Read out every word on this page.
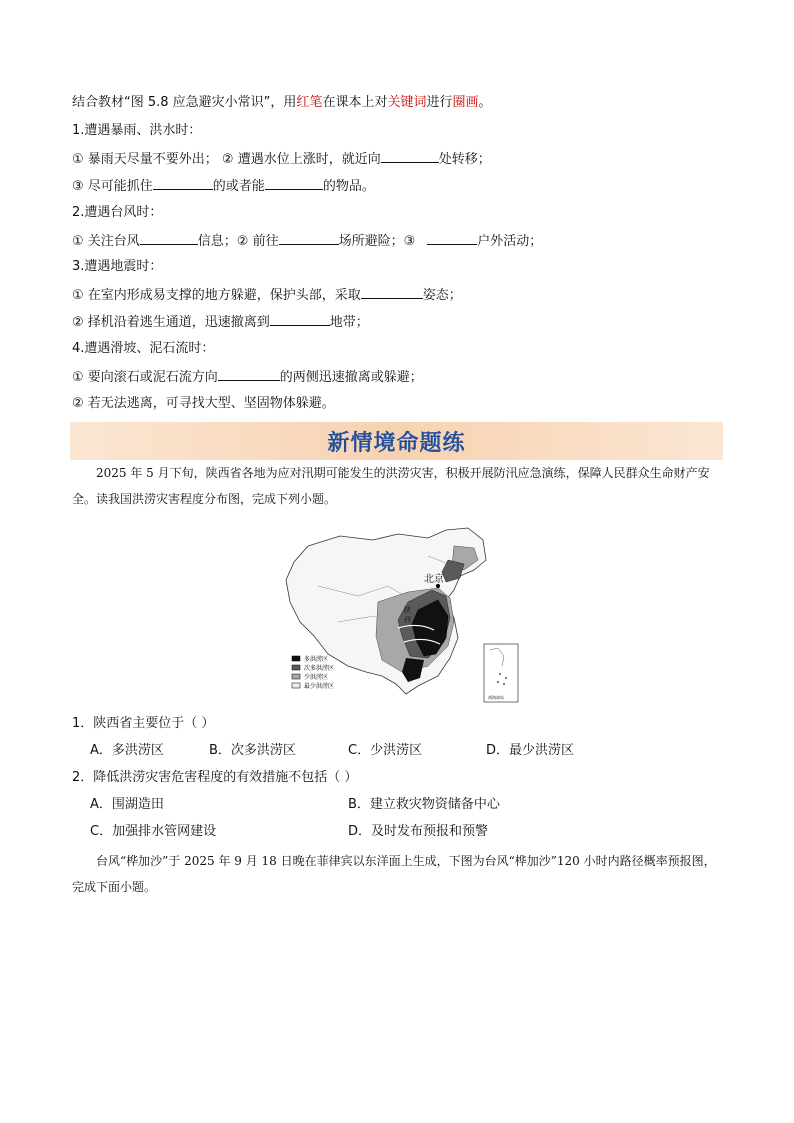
结合教材“图 5.8 应急避灾小常识”，用红笔在课本上对关键词进行圈画。
1.遭遇暴雨、洪水时：
① 暴雨天尽量不要外出； ② 遭遇水位上涨时，就近向	处转移；
③ 尽可能抓住	的或者能	的物品。
2.遭遇台风时：
① 关注台风	信息；② 前往	场所避险；③	户外活动；
3.遭遇地震时：
① 在室内形成易支撑的地方躲避，保护头部，采取	姿态；
② 择机沿着逃生通道，迅速撤离到	地带；
4.遭遇滑坡、泥石流时：
① 要向滚石或泥石流方向	的两侧迅速撤离或躲避；
② 若无法逃离，可寻找大型、坚固物体躲避。
新情境命题练
2025 年 5 月下旬，陕西省各地为应对汛期可能发生的洪涝灾害，积极开展防汛应急演练，保障人民群众生命财产安全。读我国洪涝灾害程度分布图，完成下列小题。
北京
陕
西
多洪涝区
次多洪涝区
少洪涝区
最少洪涝区
南海诸岛
1．陕西省主要位于（ ）
A．多洪涝区	B．次多洪涝区	C．少洪涝区	D．最少洪涝区
2．降低洪涝灾害危害程度的有效措施不包括（ ）
A．围湖造田	B．建立救灾物资储备中心
C．加强排水管网建设	D．及时发布预报和预警
台风“桦加沙”于 2025 年 9 月 18 日晚在菲律宾以东洋面上生成，下图为台风“桦加沙”120 小时内路径概率预报图，完成下面小题。
